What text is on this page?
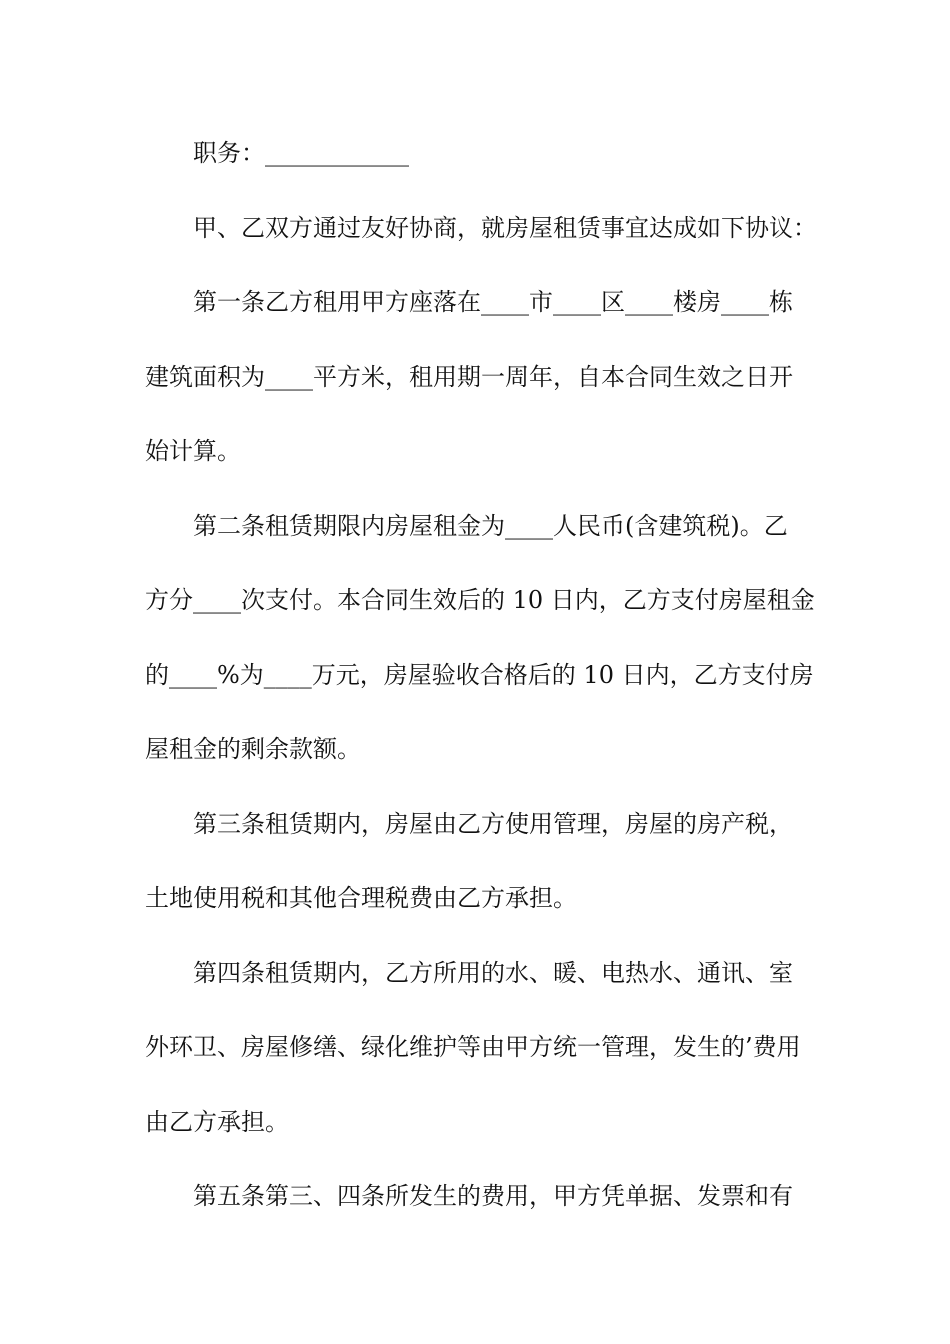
职务：____________
甲、乙双方通过友好协商，就房屋租赁事宜达成如下协议：
第一条乙方租用甲方座落在____市____区____楼房____栋
建筑面积为____平方米，租用期一周年，自本合同生效之日开
始计算。
第二条租赁期限内房屋租金为____人民币(含建筑税)。乙
方分____次支付。本合同生效后的 10 日内，乙方支付房屋租金
的____%为____万元，房屋验收合格后的 10 日内，乙方支付房
屋租金的剩余款额。
第三条租赁期内，房屋由乙方使用管理，房屋的房产税，
土地使用税和其他合理税费由乙方承担。
第四条租赁期内，乙方所用的水、暖、电热水、通讯、室
外环卫、房屋修缮、绿化维护等由甲方统一管理，发生的’费用
由乙方承担。
第五条第三、四条所发生的费用，甲方凭单据、发票和有
